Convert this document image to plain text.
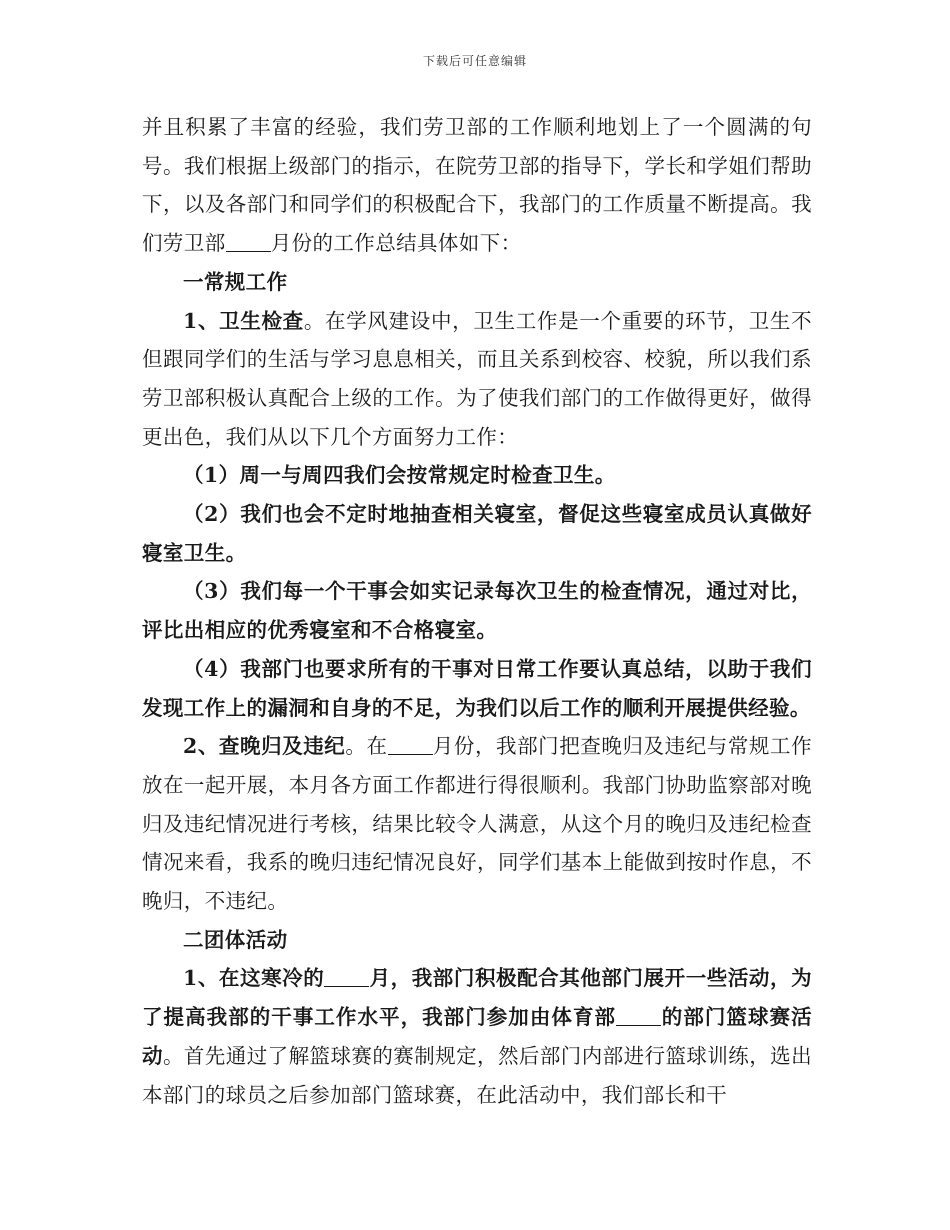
下载后可任意编辑

并且积累了丰富的经验，我们劳卫部的工作顺利地划上了一个圆满的句号。我们根据上级部门的指示，在院劳卫部的指导下，学长和学姐们帮助下，以及各部门和同学们的积极配合下，我部门的工作质量不断提高。我们劳卫部 月份的工作总结具体如下：

一常规工作

1、卫生检查。在学风建设中，卫生工作是一个重要的环节，卫生不但跟同学们的生活与学习息息相关，而且关系到校容、校貌，所以我们系劳卫部积极认真配合上级的工作。为了使我们部门的工作做得更好，做得更出色，我们从以下几个方面努力工作：

（1）周一与周四我们会按常规定时检查卫生。

（2）我们也会不定时地抽查相关寝室，督促这些寝室成员认真做好寝室卫生。

（3）我们每一个干事会如实记录每次卫生的检查情况，通过对比，评比出相应的优秀寝室和不合格寝室。

（4）我部门也要求所有的干事对日常工作要认真总结，以助于我们发现工作上的漏洞和自身的不足，为我们以后工作的顺利开展提供经验。

2、查晚归及违纪。在 月份，我部门把查晚归及违纪与常规工作放在一起开展，本月各方面工作都进行得很顺利。我部门协助监察部对晚归及违纪情况进行考核，结果比较令人满意，从这个月的晚归及违纪检查情况来看，我系的晚归违纪情况良好，同学们基本上能做到按时作息，不晚归，不违纪。

二团体活动

1、在这寒冷的 月，我部门积极配合其他部门展开一些活动，为了提高我部的干事工作水平，我部门参加由体育部 的部门篮球赛活动。首先通过了解篮球赛的赛制规定，然后部门内部进行篮球训练，选出本部门的球员之后参加部门篮球赛，在此活动中，我们部长和干
